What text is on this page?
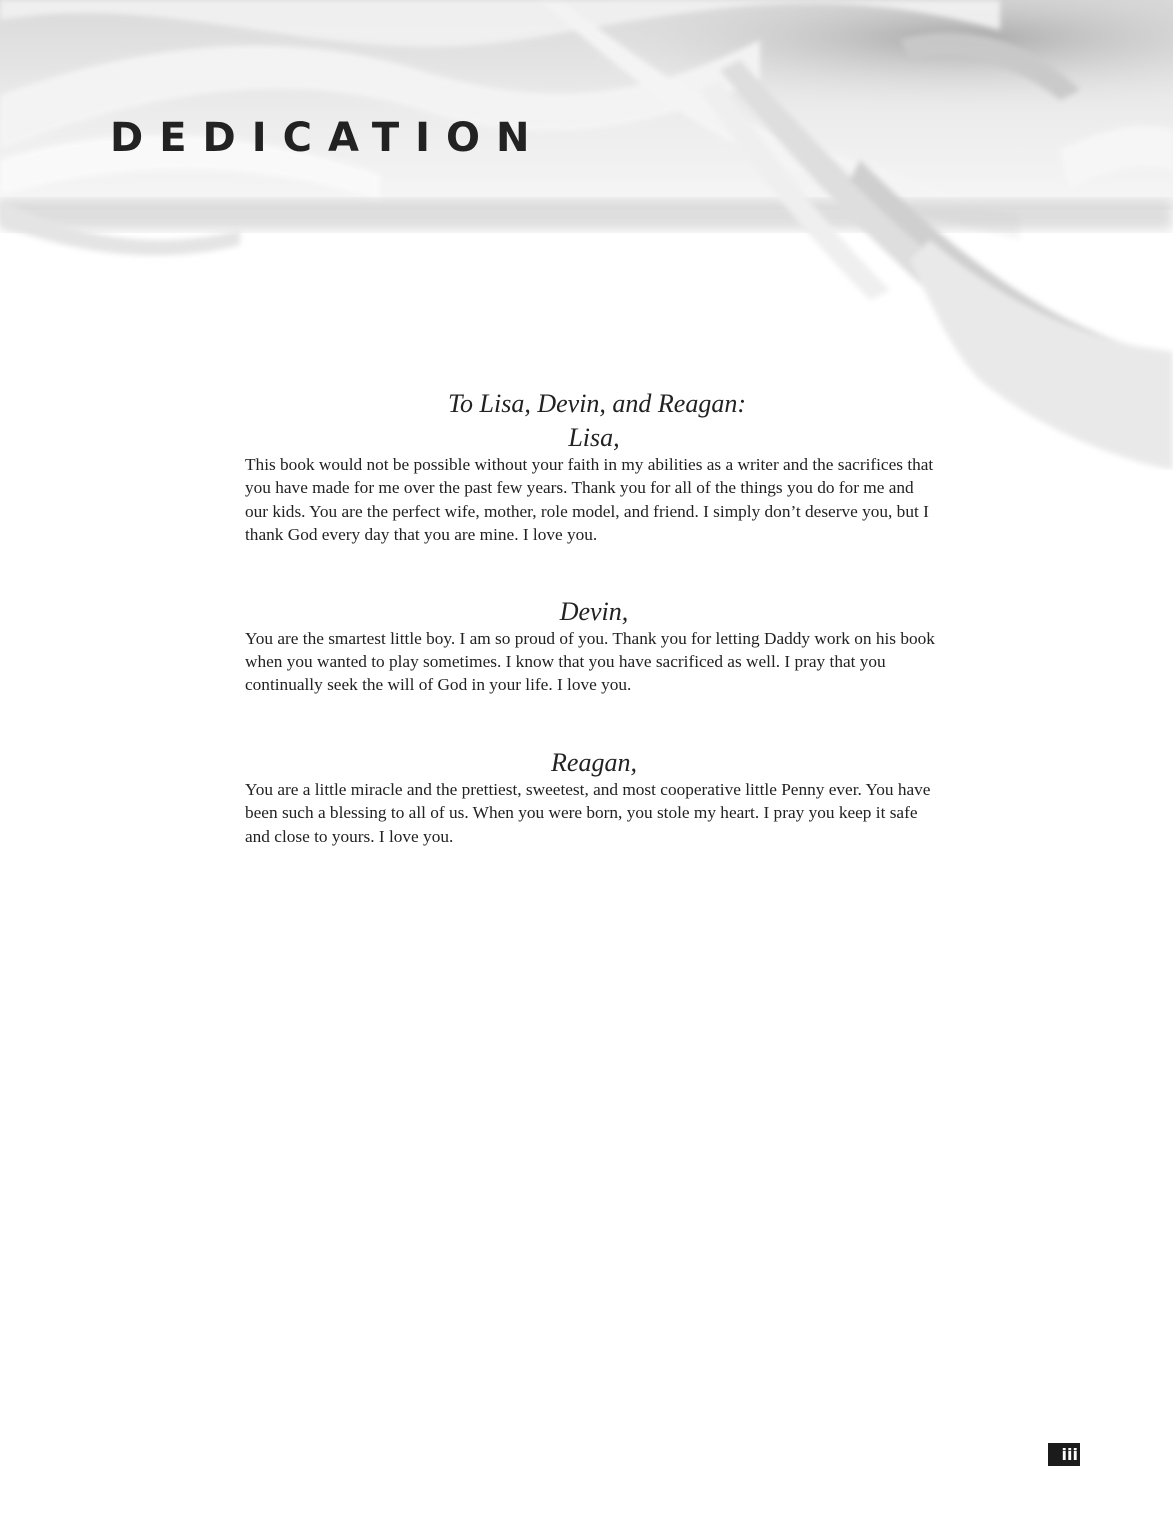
DEDICATION

To Lisa, Devin, and Reagan:

Lisa,

This book would not be possible without your faith in my abilities as a writer and the sacrifices that you have made for me over the past few years. Thank you for all of the things you do for me and our kids. You are the perfect wife, mother, role model, and friend. I simply don’t deserve you, but I thank God every day that you are mine. I love you.

Devin,

You are the smartest little boy. I am so proud of you. Thank you for letting Daddy work on his book when you wanted to play sometimes. I know that you have sacrificed as well. I pray that you continually seek the will of God in your life. I love you.

Reagan,

You are a little miracle and the prettiest, sweetest, and most cooperative little Penny ever. You have been such a blessing to all of us. When you were born, you stole my heart. I pray you keep it safe and close to yours. I love you.

iii
